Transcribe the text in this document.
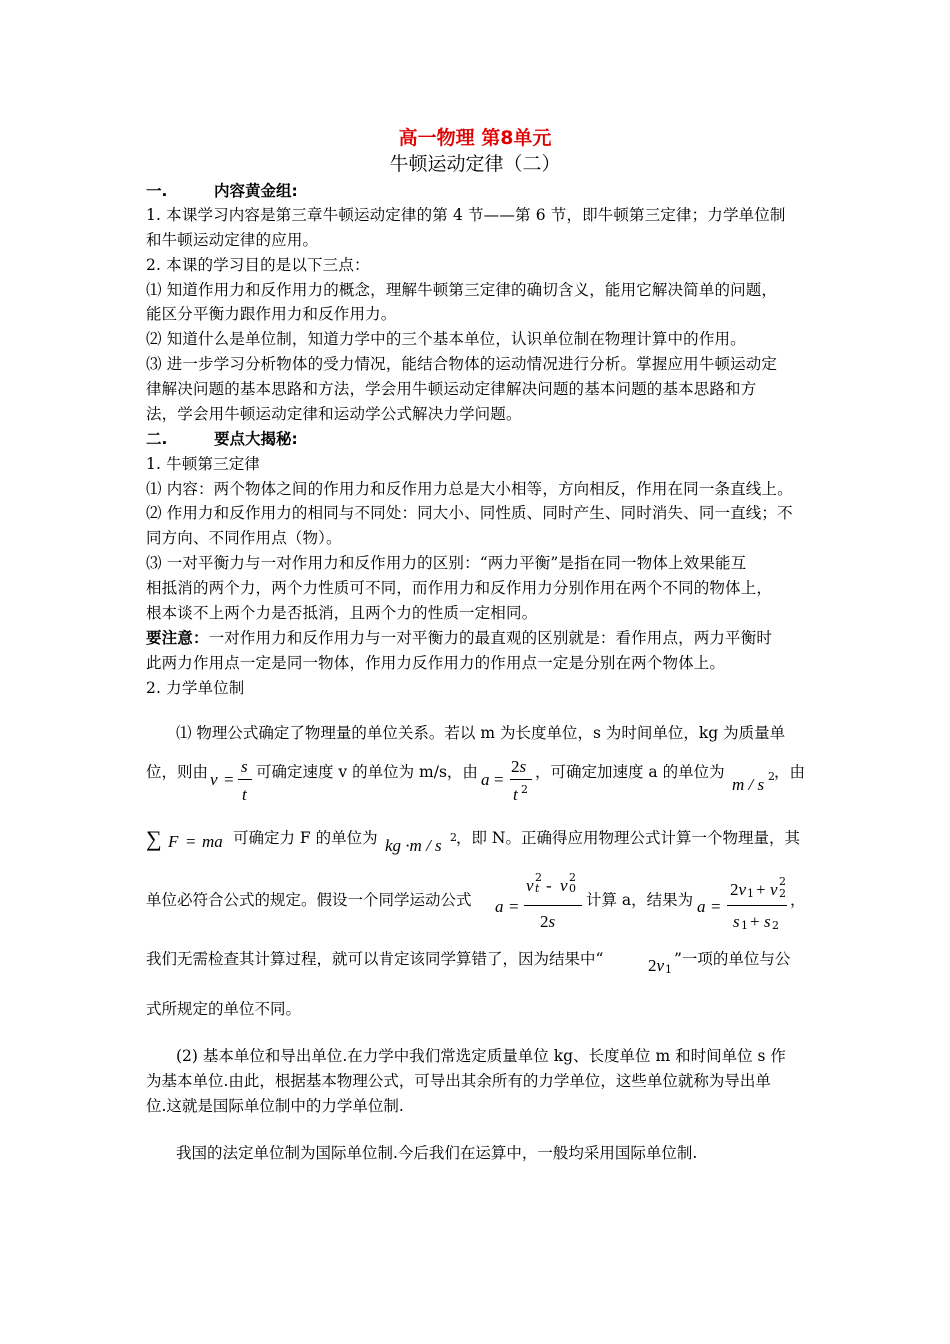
高一物理 第8单元
牛顿运动定律（二）
一.	内容黄金组:
1. 本课学习内容是第三章牛顿运动定律的第 4 节——第 6 节，即牛顿第三定律；力学单位制
和牛顿运动定律的应用。
2. 本课的学习目的是以下三点：
⑴ 知道作用力和反作用力的概念，理解牛顿第三定律的确切含义，能用它解决简单的问题，
能区分平衡力跟作用力和反作用力。
⑵ 知道什么是单位制，知道力学中的三个基本单位，认识单位制在物理计算中的作用。
⑶ 进一步学习分析物体的受力情况，能结合物体的运动情况进行分析。掌握应用牛顿运动定
律解决问题的基本思路和方法，学会用牛顿运动定律解决问题的基本问题的基本思路和方
法，学会用牛顿运动定律和运动学公式解决力学问题。
二.	要点大揭秘:
1. 牛顿第三定律
⑴ 内容：两个物体之间的作用力和反作用力总是大小相等，方向相反，作用在同一条直线上。
⑵ 作用力和反作用力的相同与不同处：同大小、同性质、同时产生、同时消失、同一直线；不
同方向、不同作用点（物）。
⑶ 一对平衡力与一对作用力和反作用力的区别：“两力平衡”是指在同一物体上效果能互
相抵消的两个力，两个力性质可不同，而作用力和反作用力分别作用在两个不同的物体上，
根本谈不上两个力是否抵消，且两个力的性质一定相同。
要注意：一对作用力和反作用力与一对平衡力的最直观的区别就是：看作用点，两力平衡时
此两力作用点一定是同一物体，作用力反作用力的作用点一定是分别在两个物体上。
2. 力学单位制
⑴ 物理公式确定了物理量的单位关系。若以 m 为长度单位，s 为时间单位，kg 为质量单
位，则由 v =
s
t
可确定速度 v 的单位为 m/s，由 a =
2s
t 2
，可确定加速度 a 的单位为
m / s 2 ，由
∑ F = ma 可确定力 F 的单位为 kg ·m / s 2 ，即 N。正确得应用物理公式计算一个物理量，其
单位必符合公式的规定。假设一个同学运动公式 a =
v t
2 - v 0
2
2s
计算 a，结果为 a =
2v 1 + v 2
2
s 1 + s 2
，
我们无需检查其计算过程，就可以肯定该同学算错了，因为结果中“	2v 1
”一项的单位与公
式所规定的单位不同。
(2) 基本单位和导出单位.在力学中我们常选定质量单位 kg、长度单位 m 和时间单位 s 作
为基本单位.由此，根据基本物理公式，可导出其余所有的力学单位，这些单位就称为导出单
位.这就是国际单位制中的力学单位制.
我国的法定单位制为国际单位制.今后我们在运算中，一般均采用国际单位制.
